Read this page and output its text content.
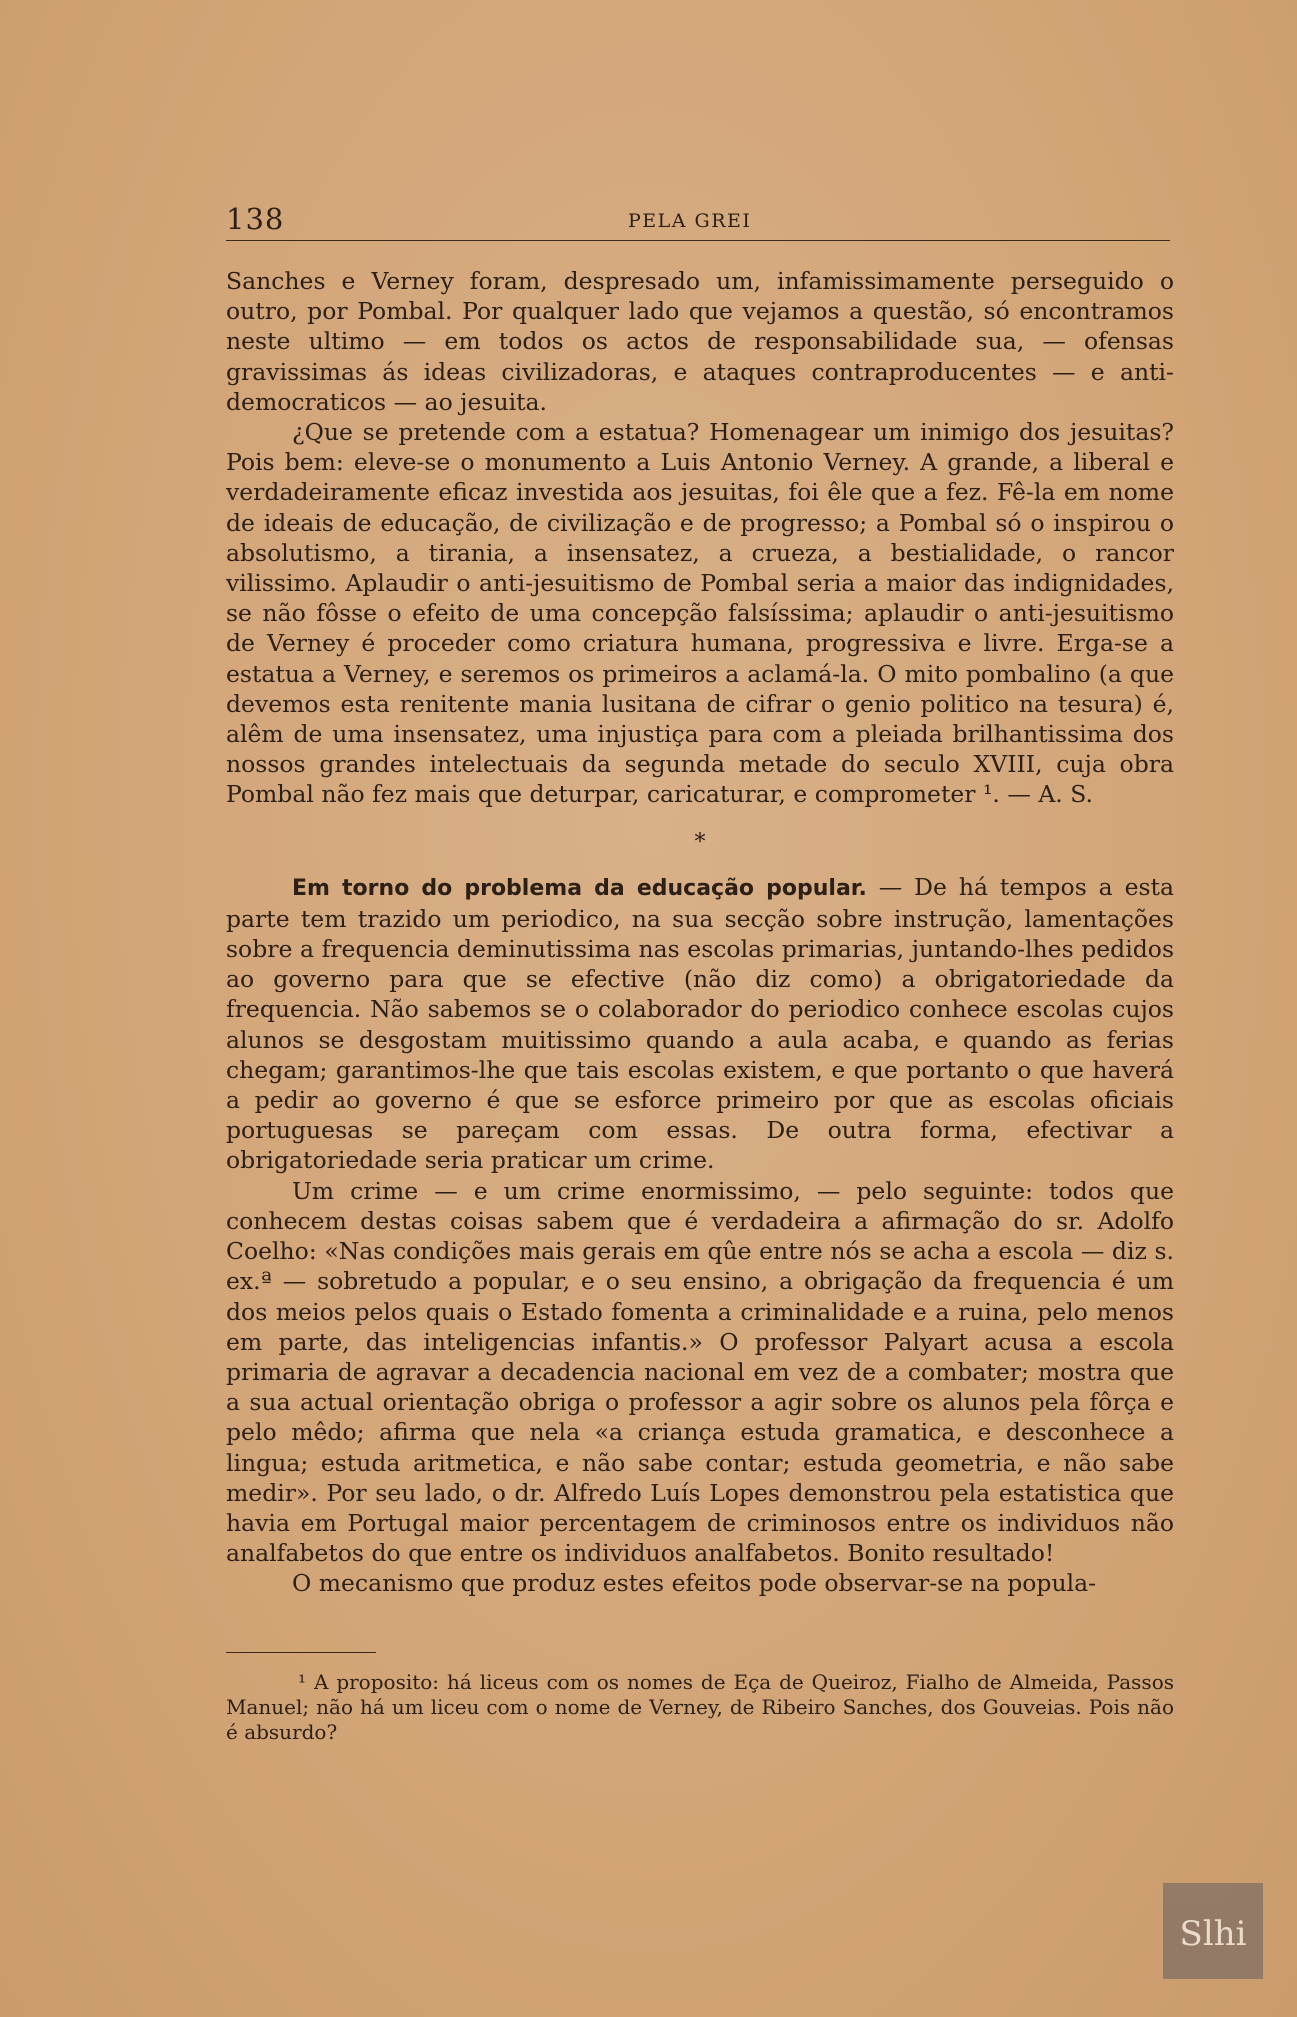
138	PELA GREI

Sanches e Verney foram, despresado um, infamissimamente perseguido o outro, por Pombal. Por qualquer lado que vejamos a questão, só encontramos neste ultimo — em todos os actos de responsabilidade sua, — ofensas gravissimas ás ideas civilizadoras, e ataques contraproducentes — e anti-democraticos — ao jesuita.

¿Que se pretende com a estatua? Homenagear um inimigo dos jesuitas? Pois bem: eleve-se o monumento a Luis Antonio Verney. A grande, a liberal e verdadeiramente eficaz investida aos jesuitas, foi êle que a fez. Fê-la em nome de ideais de educação, de civilização e de progresso; a Pombal só o inspirou o absolutismo, a tirania, a insensatez, a crueza, a bestialidade, o rancor vilissimo. Aplaudir o anti-jesuitismo de Pombal seria a maior das indignidades, se não fôsse o efeito de uma concepção falsíssima; aplaudir o anti-jesuitismo de Verney é proceder como criatura humana, progressiva e livre. Erga-se a estatua a Verney, e seremos os primeiros a aclamá-la. O mito pombalino (a que devemos esta renitente mania lusitana de cifrar o genio politico na tesura) é, alêm de uma insensatez, uma injustiça para com a pleiada brilhantissima dos nossos grandes intelectuais da segunda metade do seculo XVIII, cuja obra Pombal não fez mais que deturpar, caricaturar, e comprometer ¹. — A. S.

*

Em torno do problema da educação popular. — De há tempos a esta parte tem trazido um periodico, na sua secção sobre instrução, lamentações sobre a frequencia deminutissima nas escolas primarias, juntando-lhes pedidos ao governo para que se efective (não diz como) a obrigatoriedade da frequencia. Não sabemos se o colaborador do periodico conhece escolas cujos alunos se desgostam muitissimo quando a aula acaba, e quando as ferias chegam; garantimos-lhe que tais escolas existem, e que portanto o que haverá a pedir ao governo é que se esforce primeiro por que as escolas oficiais portuguesas se pareçam com essas. De outra forma, efectivar a obrigatoriedade seria praticar um crime.

Um crime — e um crime enormissimo, — pelo seguinte: todos que conhecem destas coisas sabem que é verdadeira a afirmação do sr. Adolfo Coelho: «Nas condições mais gerais em qûe entre nós se acha a escola — diz s. ex.ª — sobretudo a popular, e o seu ensino, a obrigação da frequencia é um dos meios pelos quais o Estado fomenta a criminalidade e a ruina, pelo menos em parte, das inteligencias infantis.» O professor Palyart acusa a escola primaria de agravar a decadencia nacional em vez de a combater; mostra que a sua actual orientação obriga o professor a agir sobre os alunos pela fôrça e pelo mêdo; afirma que nela «a criança estuda gramatica, e desconhece a lingua; estuda aritmetica, e não sabe contar; estuda geometria, e não sabe medir». Por seu lado, o dr. Alfredo Luís Lopes demonstrou pela estatistica que havia em Portugal maior percentagem de criminosos entre os individuos não analfabetos do que entre os individuos analfabetos. Bonito resultado!

O mecanismo que produz estes efeitos pode observar-se na popula-

¹ A proposito: há liceus com os nomes de Eça de Queiroz, Fialho de Almeida, Passos Manuel; não há um liceu com o nome de Verney, de Ribeiro Sanches, dos Gouveias. Pois não é absurdo?

Slhi
